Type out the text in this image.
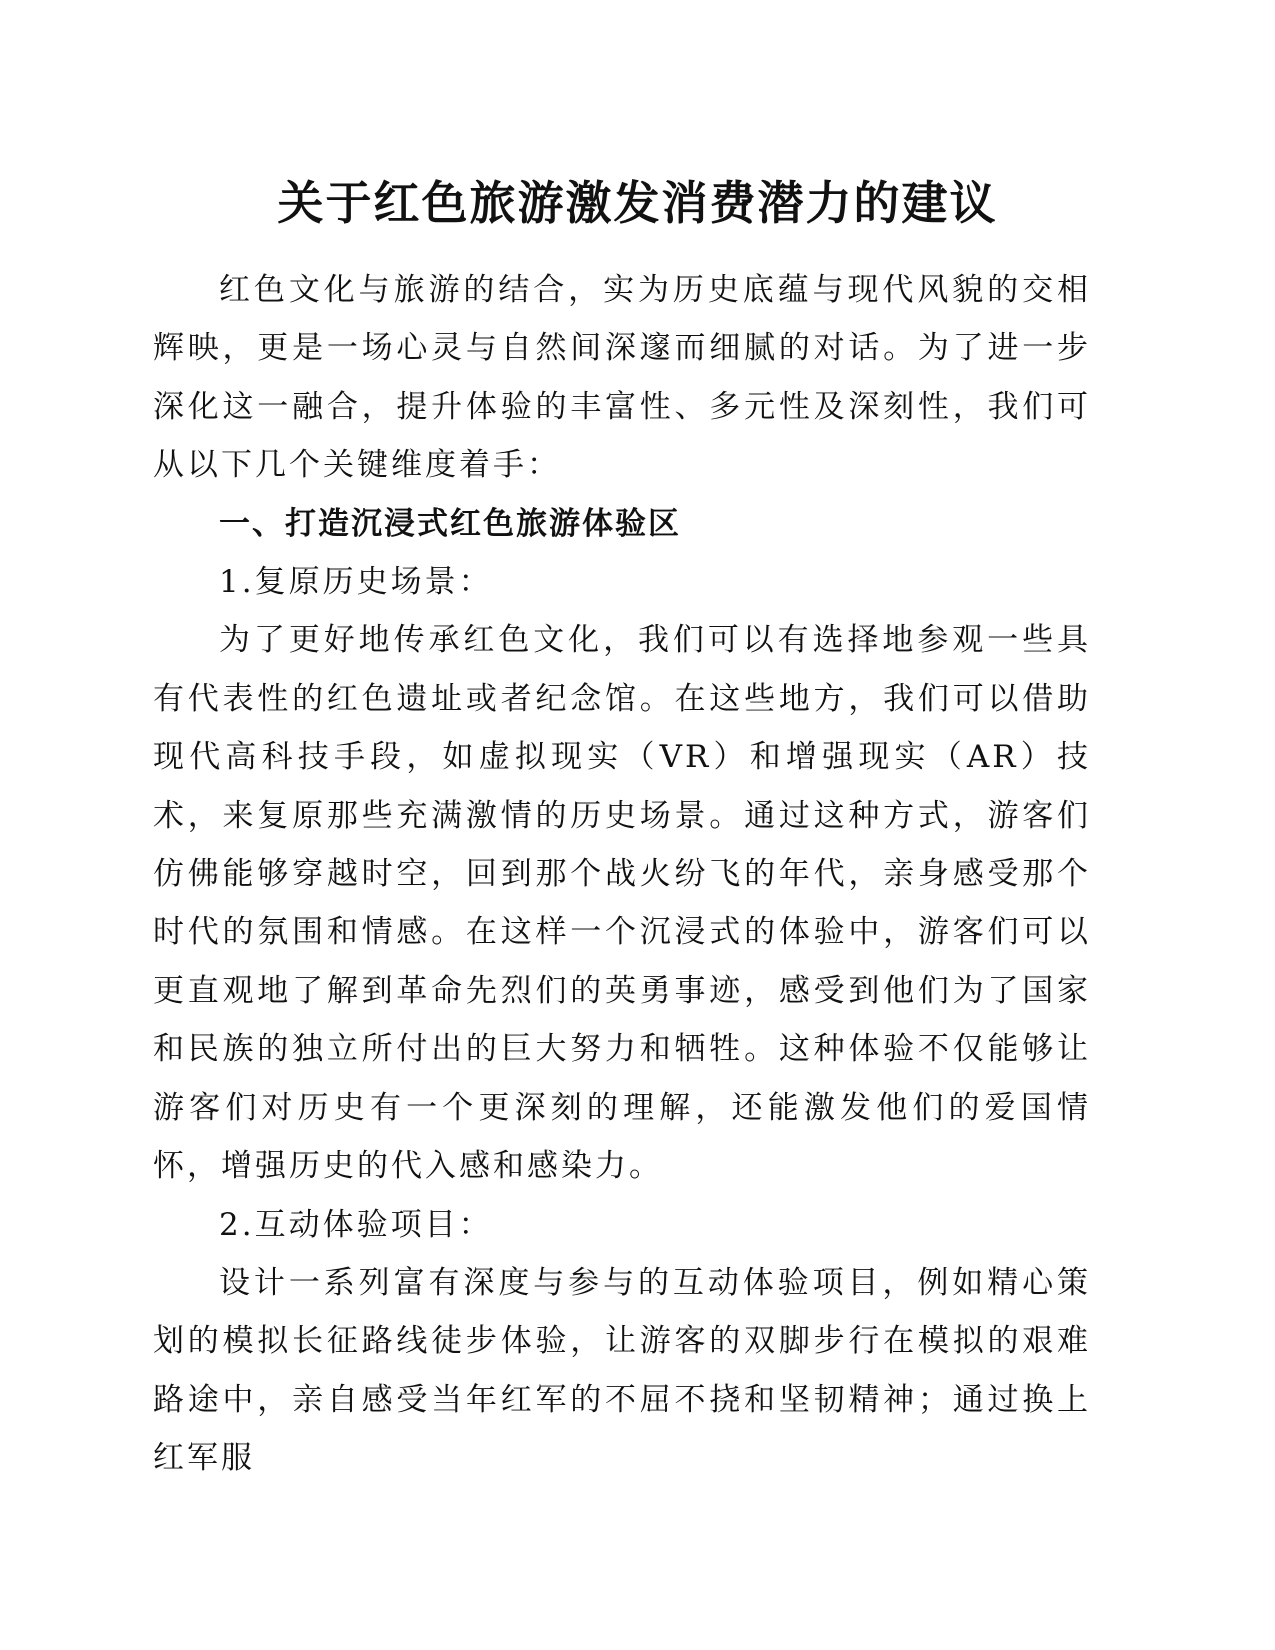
关于红色旅游激发消费潜力的建议

红色文化与旅游的结合，实为历史底蕴与现代风貌的交相辉映，更是一场心灵与自然间深邃而细腻的对话。为了进一步深化这一融合，提升体验的丰富性、多元性及深刻性，我们可从以下几个关键维度着手：

一、打造沉浸式红色旅游体验区

1.复原历史场景：

为了更好地传承红色文化，我们可以有选择地参观一些具有代表性的红色遗址或者纪念馆。在这些地方，我们可以借助现代高科技手段，如虚拟现实（VR）和增强现实（AR）技术，来复原那些充满激情的历史场景。通过这种方式，游客们仿佛能够穿越时空，回到那个战火纷飞的年代，亲身感受那个时代的氛围和情感。在这样一个沉浸式的体验中，游客们可以更直观地了解到革命先烈们的英勇事迹，感受到他们为了国家和民族的独立所付出的巨大努力和牺牲。这种体验不仅能够让游客们对历史有一个更深刻的理解，还能激发他们的爱国情怀，增强历史的代入感和感染力。

2.互动体验项目：

设计一系列富有深度与参与的互动体验项目，例如精心策划的模拟长征路线徒步体验，让游客的双脚步行在模拟的艰难路途中，亲自感受当年红军的不屈不挠和坚韧精神；通过换上红军服
